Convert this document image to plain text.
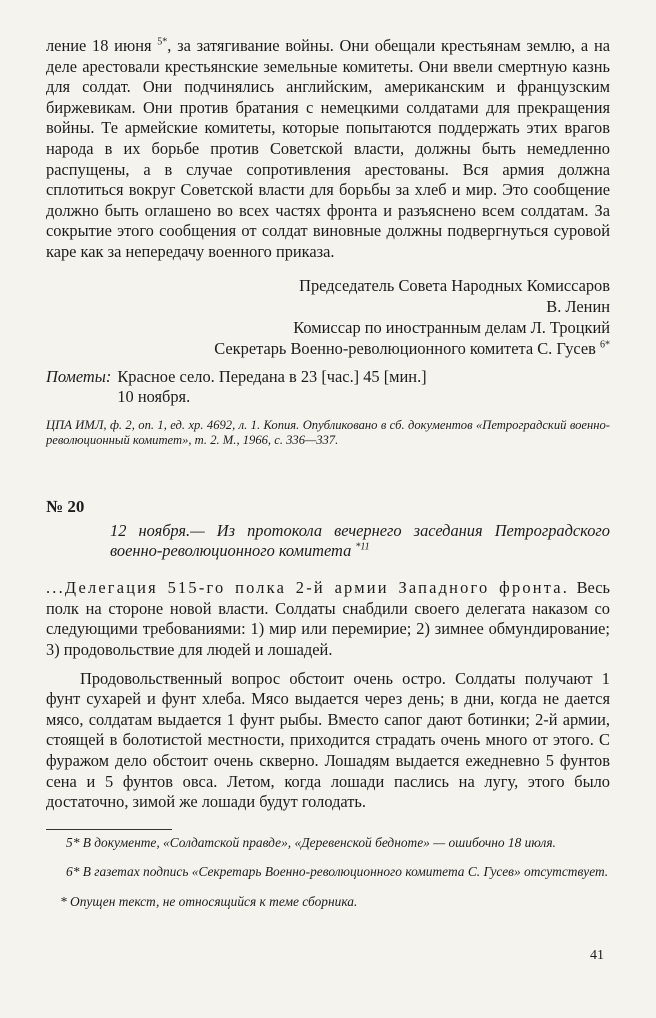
ление 18 июня $^{5*}$, за затягивание войны. Они обещали крестьянам землю, а на деле арестовали крестьянские земельные комитеты. Они ввели смертную казнь для солдат. Они подчинялись английским, американским и французским биржевикам. Они против братания с немецкими солдатами для прекращения войны. Те армейские комитеты, которые попытаются поддержать этих врагов народа в их борьбе против Советской власти, должны быть немедленно распущены, а в случае сопротивления арестованы. Вся армия должна сплотиться вокруг Советской власти для борьбы за хлеб и мир. Это сообщение должно быть оглашено во всех частях фронта и разъяснено всем солдатам. За сокрытие этого сообщения от солдат виновные должны подвергнуться суровой каре как за непередачу военного приказа.

Председатель Совета Народных Комиссаров
В. Ленин
Комиссар по иностранным делам Л. Троцкий
Секретарь Военно-революционного комитета С. Гусев $^{6*}$
Пометы: Красное село. Передана в 23 [час.] 45 [мин.]
10 ноября.

ЦПА ИМЛ, ф. 2, оп. 1, ед. хр. 4692, л. 1. Копия. Опубликовано в сб. документов «Петроградский военно-революционный комитет», т. 2. М., 1966, с. 336—337.

№ 20

12 ноября.— Из протокола вечернего заседания Петроградского военно-революционного комитета $^{*11}$

...Делегация 515-го полка 2-й армии Западного фронта. Весь полк на стороне новой власти. Солдаты снабдили своего делегата наказом со следующими требованиями: 1) мир или перемирие; 2) зимнее обмундирование; 3) продовольствие для людей и лошадей.

Продовольственный вопрос обстоит очень остро. Солдаты получают 1 фунт сухарей и фунт хлеба. Мясо выдается через день; в дни, когда не дается мясо, солдатам выдается 1 фунт рыбы. Вместо сапог дают ботинки; 2-й армии, стоящей в болотистой местности, приходится страдать очень много от этого. С фуражом дело обстоит очень скверно. Лошадям выдается ежедневно 5 фунтов сена и 5 фунтов овса. Летом, когда лошади паслись на лугу, этого было достаточно, зимой же лошади будут голодать.

5* В документе, «Солдатской правде», «Деревенской бедноте» — ошибочно 18 июля.

6* В газетах подпись «Секретарь Военно-революционного комитета С. Гусев» отсутствует.

* Опущен текст, не относящийся к теме сборника.

41
